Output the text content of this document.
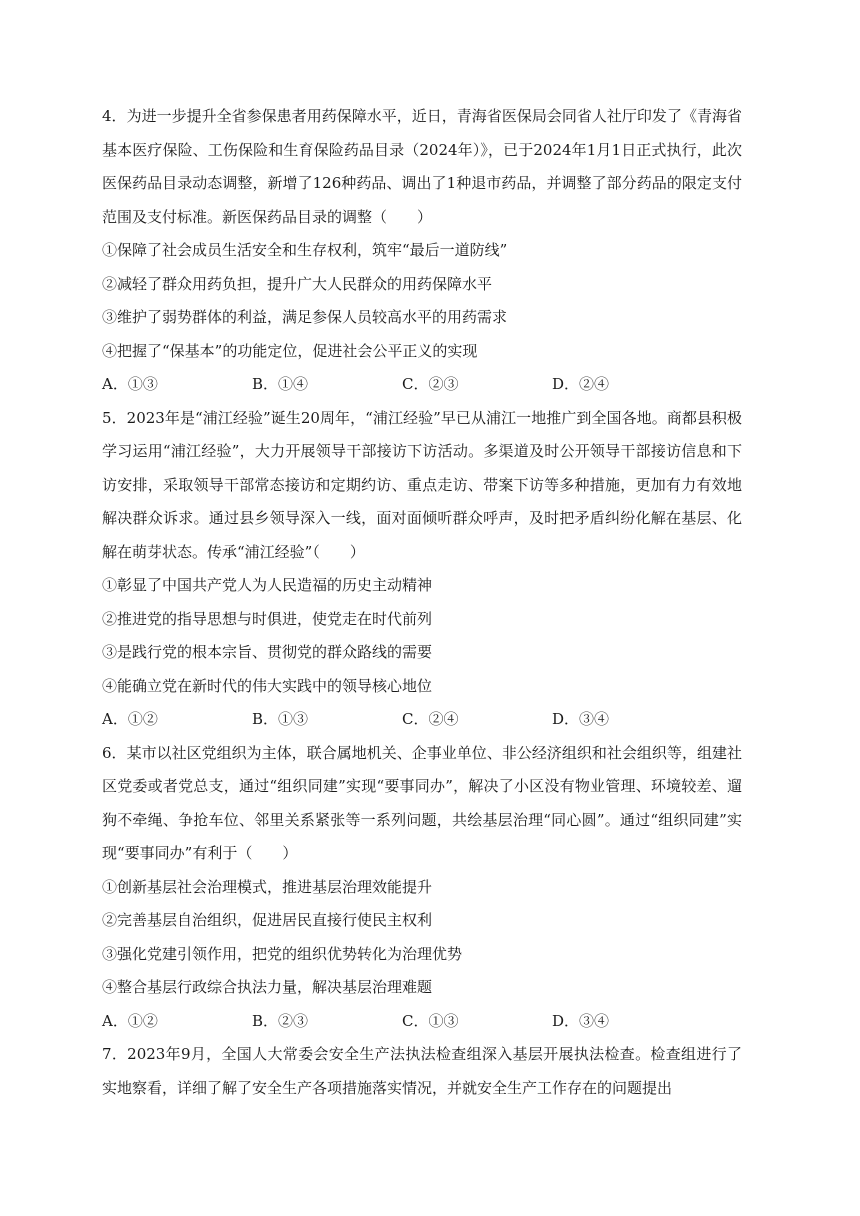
4．为进一步提升全省参保患者用药保障水平，近日，青海省医保局会同省人社厅印发了《青海省基本医疗保险、工伤保险和生育保险药品目录（2024年）》，已于2024年1月1日正式执行，此次医保药品目录动态调整，新增了126种药品、调出了1种退市药品，并调整了部分药品的限定支付范围及支付标准。新医保药品目录的调整（　　）

①保障了社会成员生活安全和生存权利，筑牢“最后一道防线”

②减轻了群众用药负担，提升广大人民群众的用药保障水平

③维护了弱势群体的利益，满足参保人员较高水平的用药需求

④把握了“保基本”的功能定位，促进社会公平正义的实现

A．①③	B．①④	C．②③	D．②④

5．2023年是“浦江经验”诞生20周年，“浦江经验”早已从浦江一地推广到全国各地。商都县积极学习运用“浦江经验”，大力开展领导干部接访下访活动。多渠道及时公开领导干部接访信息和下访安排，采取领导干部常态接访和定期约访、重点走访、带案下访等多种措施，更加有力有效地解决群众诉求。通过县乡领导深入一线，面对面倾听群众呼声，及时把矛盾纠纷化解在基层、化解在萌芽状态。传承“浦江经验”（　　）

①彰显了中国共产党人为人民造福的历史主动精神

②推进党的指导思想与时俱进，使党走在时代前列

③是践行党的根本宗旨、贯彻党的群众路线的需要

④能确立党在新时代的伟大实践中的领导核心地位

A．①②	B．①③	C．②④	D．③④

6．某市以社区党组织为主体，联合属地机关、企事业单位、非公经济组织和社会组织等，组建社区党委或者党总支，通过“组织同建”实现“要事同办”，解决了小区没有物业管理、环境较差、遛狗不牵绳、争抢车位、邻里关系紧张等一系列问题，共绘基层治理“同心圆”。通过“组织同建”实现“要事同办”有利于（　　）

①创新基层社会治理模式，推进基层治理效能提升

②完善基层自治组织，促进居民直接行使民主权利

③强化党建引领作用，把党的组织优势转化为治理优势

④整合基层行政综合执法力量，解决基层治理难题

A．①②	B．②③	C．①③	D．③④

7．2023年9月，全国人大常委会安全生产法执法检查组深入基层开展执法检查。检查组进行了实地察看，详细了解了安全生产各项措施落实情况，并就安全生产工作存在的问题提出
